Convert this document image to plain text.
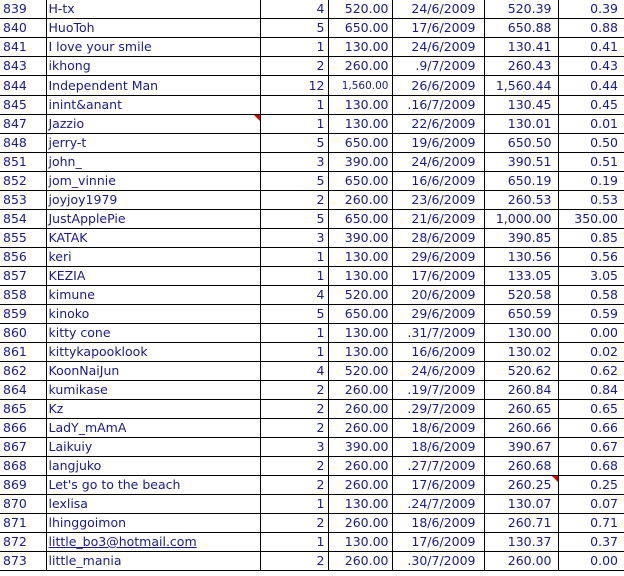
839	H-tx	4	520.00	24/6/2009	520.39	0.39
840	HuoToh	5	650.00	17/6/2009	650.88	0.88
841	I love your smile	1	130.00	24/6/2009	130.41	0.41
843	ikhong	2	260.00	.9/7/2009	260.43	0.43
844	Independent Man	12	1,560.00	26/6/2009	1,560.44	0.44
845	inint&anant	1	130.00	.16/7/2009	130.45	0.45
847	Jazzio	1	130.00	22/6/2009	130.01	0.01
848	jerry-t	5	650.00	19/6/2009	650.50	0.50
851	john_	3	390.00	24/6/2009	390.51	0.51
852	jom_vinnie	5	650.00	16/6/2009	650.19	0.19
853	joyjoy1979	2	260.00	23/6/2009	260.53	0.53
854	JustApplePie	5	650.00	21/6/2009	1,000.00	350.00
855	KATAK	3	390.00	28/6/2009	390.85	0.85
856	keri	1	130.00	29/6/2009	130.56	0.56
857	KEZIA	1	130.00	17/6/2009	133.05	3.05
858	kimune	4	520.00	20/6/2009	520.58	0.58
859	kinoko	5	650.00	29/6/2009	650.59	0.59
860	kitty cone	1	130.00	.31/7/2009	130.00	0.00
861	kittykapooklook	1	130.00	16/6/2009	130.02	0.02
862	KoonNaiJun	4	520.00	24/6/2009	520.62	0.62
864	kumikase	2	260.00	.19/7/2009	260.84	0.84
865	Kz	2	260.00	.29/7/2009	260.65	0.65
866	LadY_mAmA	2	260.00	18/6/2009	260.66	0.66
867	Laikuiy	3	390.00	18/6/2009	390.67	0.67
868	langjuko	2	260.00	.27/7/2009	260.68	0.68
869	Let's go to the beach	2	260.00	17/6/2009	260.25	0.25
870	lexlisa	1	130.00	.24/7/2009	130.07	0.07
871	lhinggoimon	2	260.00	18/6/2009	260.71	0.71
872	little_bo3@hotmail.com	1	130.00	17/6/2009	130.37	0.37
873	little_mania	2	260.00	.30/7/2009	260.00	0.00
